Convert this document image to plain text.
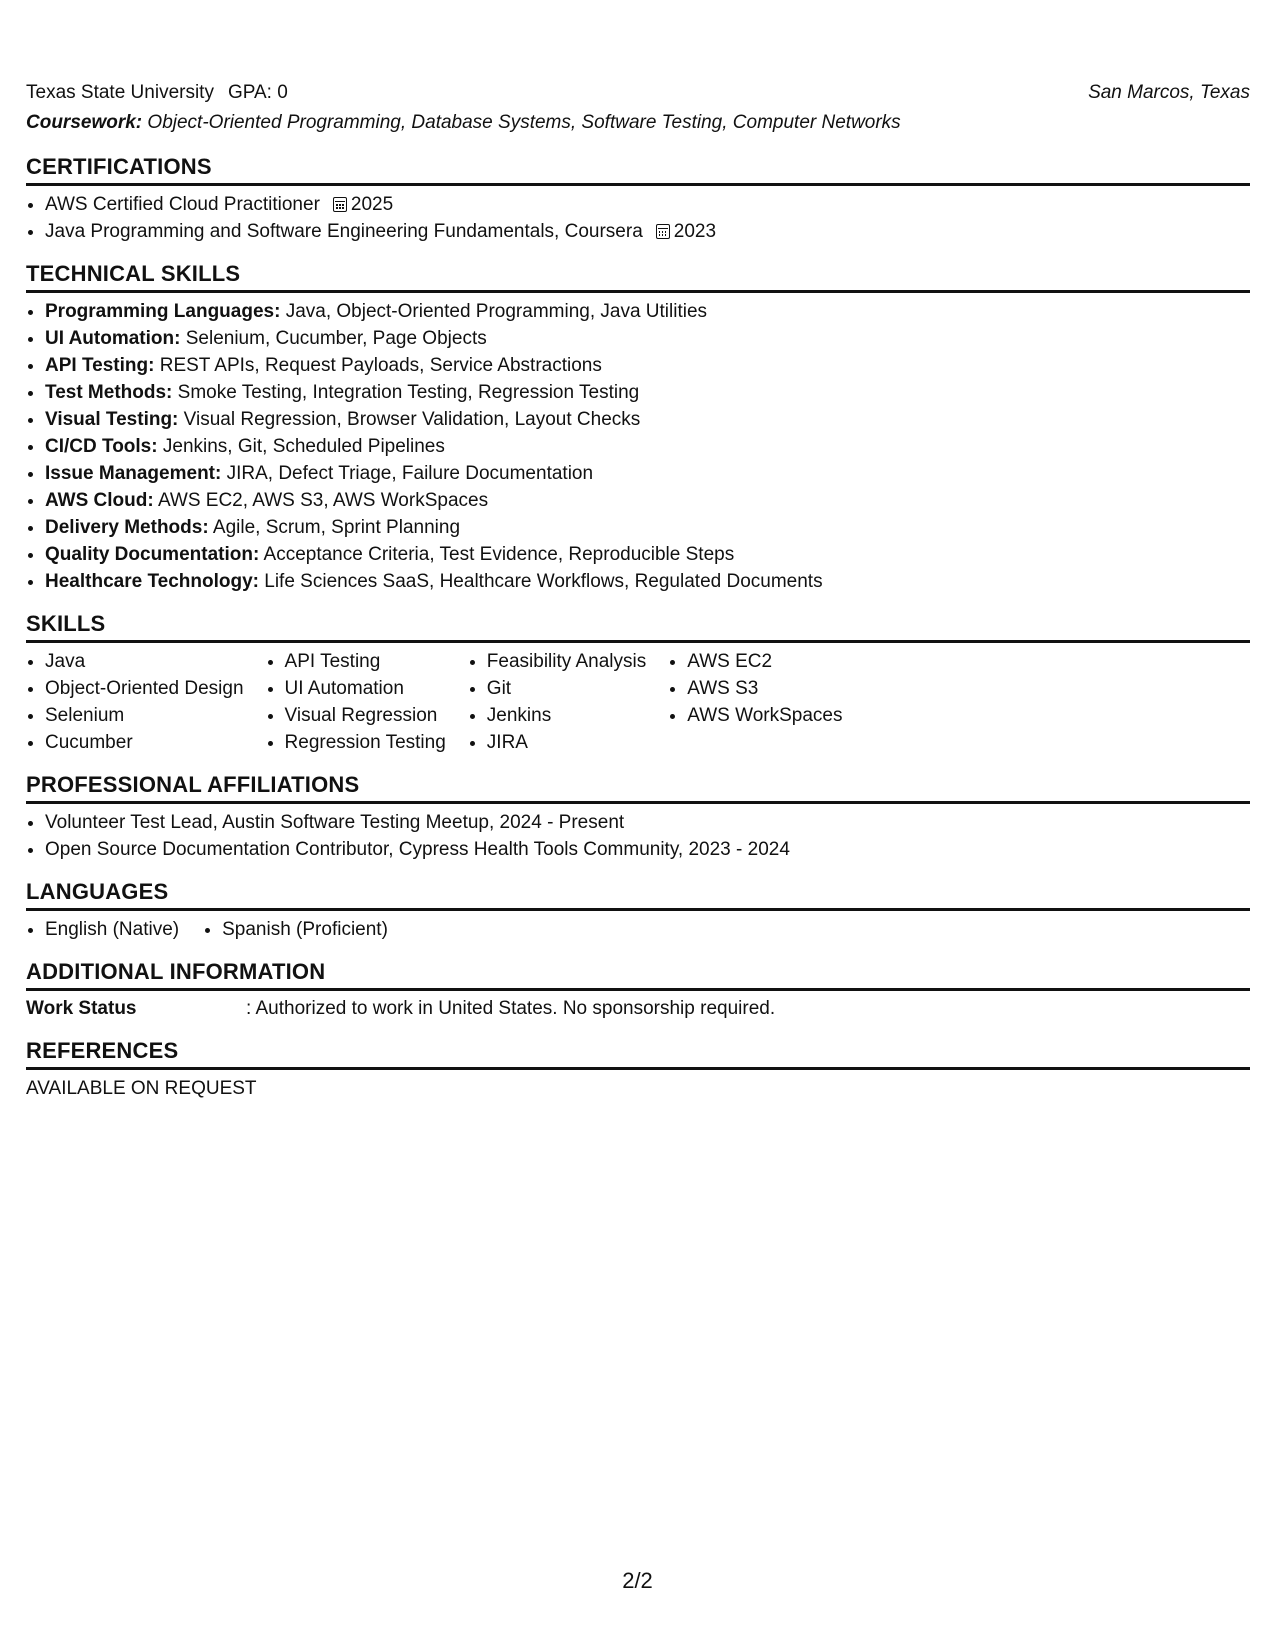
Texas State University GPA: 0	San Marcos, Texas
Coursework: Object-Oriented Programming, Database Systems, Software Testing, Computer Networks
CERTIFICATIONS
• AWS Certified Cloud Practitioner 2025
• Java Programming and Software Engineering Fundamentals, Coursera 2023
TECHNICAL SKILLS
• Programming Languages: Java, Object-Oriented Programming, Java Utilities
• UI Automation: Selenium, Cucumber, Page Objects
• API Testing: REST APIs, Request Payloads, Service Abstractions
• Test Methods: Smoke Testing, Integration Testing, Regression Testing
• Visual Testing: Visual Regression, Browser Validation, Layout Checks
• CI/CD Tools: Jenkins, Git, Scheduled Pipelines
• Issue Management: JIRA, Defect Triage, Failure Documentation
• AWS Cloud: AWS EC2, AWS S3, AWS WorkSpaces
• Delivery Methods: Agile, Scrum, Sprint Planning
• Quality Documentation: Acceptance Criteria, Test Evidence, Reproducible Steps
• Healthcare Technology: Life Sciences SaaS, Healthcare Workflows, Regulated Documents
SKILLS
• Java
• Object-Oriented Design
• Selenium
• Cucumber
• API Testing
• UI Automation
• Visual Regression
• Regression Testing
• Feasibility Analysis
• Git
• Jenkins
• JIRA
• AWS EC2
• AWS S3
• AWS WorkSpaces
PROFESSIONAL AFFILIATIONS
• Volunteer Test Lead, Austin Software Testing Meetup, 2024 - Present
• Open Source Documentation Contributor, Cypress Health Tools Community, 2023 - 2024
LANGUAGES
• English (Native)
• Spanish (Proficient)
ADDITIONAL INFORMATION
Work Status	: Authorized to work in United States. No sponsorship required.
REFERENCES
AVAILABLE ON REQUEST
2/2
